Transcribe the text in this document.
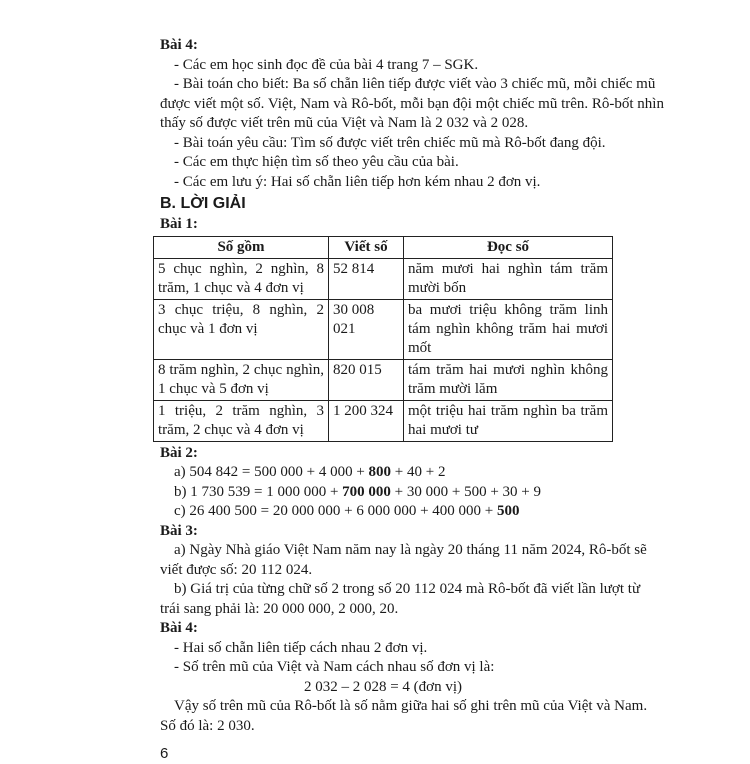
Bài 4:
- Các em học sinh đọc đề của bài 4 trang 7 – SGK.
- Bài toán cho biết: Ba số chẵn liên tiếp được viết vào 3 chiếc mũ, mỗi chiếc mũ
được viết một số. Việt, Nam và Rô-bốt, mỗi bạn đội một chiếc mũ trên. Rô-bốt nhìn
thấy số được viết trên mũ của Việt và Nam là 2 032 và 2 028.
- Bài toán yêu cầu: Tìm số được viết trên chiếc mũ mà Rô-bốt đang đội.
- Các em thực hiện tìm số theo yêu cầu của bài.
- Các em lưu ý: Hai số chẵn liên tiếp hơn kém nhau 2 đơn vị.
B. LỜI GIẢI
Bài 1:
Số gồm	Viết số	Đọc số
5 chục nghìn, 2 nghìn, 8 trăm, 1 chục và 4 đơn vị	52 814	năm mươi hai nghìn tám trăm mười bốn
3 chục triệu, 8 nghìn, 2 chục và 1 đơn vị	30 008 021	ba mươi triệu không trăm linh tám nghìn không trăm hai mươi mốt
8 trăm nghìn, 2 chục nghìn, 1 chục và 5 đơn vị	820 015	tám trăm hai mươi nghìn không trăm mười lăm
1 triệu, 2 trăm nghìn, 3 trăm, 2 chục và 4 đơn vị	1 200 324	một triệu hai trăm nghìn ba trăm hai mươi tư
Bài 2:
a) 504 842 = 500 000 + 4 000 + 800 + 40 + 2
b) 1 730 539 = 1 000 000 + 700 000 + 30 000 + 500 + 30 + 9
c) 26 400 500 = 20 000 000 + 6 000 000 + 400 000 + 500
Bài 3:
a) Ngày Nhà giáo Việt Nam năm nay là ngày 20 tháng 11 năm 2024, Rô-bốt sẽ
viết được số: 20 112 024.
b) Giá trị của từng chữ số 2 trong số 20 112 024 mà Rô-bốt đã viết lần lượt từ
trái sang phải là: 20 000 000, 2 000, 20.
Bài 4:
- Hai số chẵn liên tiếp cách nhau 2 đơn vị.
- Số trên mũ của Việt và Nam cách nhau số đơn vị là:
2 032 – 2 028 = 4 (đơn vị)
Vậy số trên mũ của Rô-bốt là số nằm giữa hai số ghi trên mũ của Việt và Nam.
Số đó là: 2 030.
6
